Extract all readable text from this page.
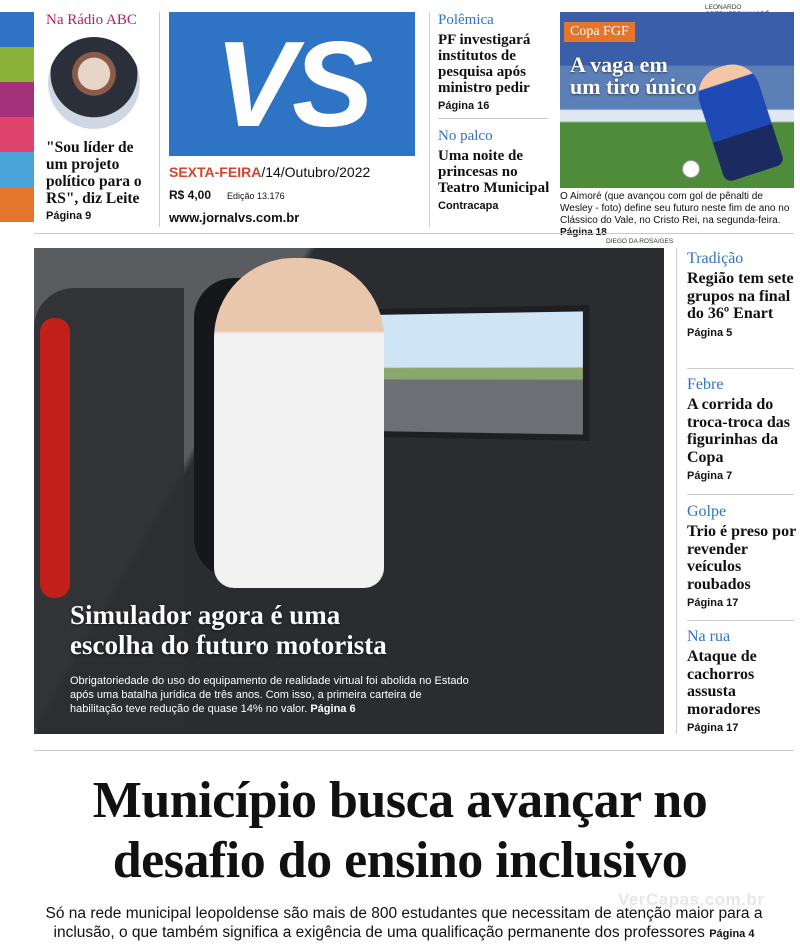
Na Rádio ABC
"Sou líder de um projeto político para o RS", diz Leite
Página 9
VS
SEXTA-FEIRA/14/Outubro/2022
R$ 4,00 Edição 13.176
www.jornalvs.com.br
Polêmica
PF investigará institutos de pesquisa após ministro pedir
Página 16
No palco
Uma noite de princesas no Teatro Municipal
Contracapa
LEONARDO
Copa FGF
A vaga em um tiro único
O Aimoré (que avançou com gol de pênalti de Wesley - foto) define seu futuro neste fim de ano no Clássico do Vale, no Cristo Rei, na segunda-feira.
DIEGO DA ROSA/GES
Simulador agora é uma
escolha do futuro motorista
Obrigatoriedade do uso do equipamento de realidade virtual foi abolida no Estado após uma batalha jurídica de três anos. Com isso, a primeira carteira de habilitação teve redução de quase 14% no valor. Página 6
Tradição
Região tem sete grupos na final do 36º Enart
Página 5
Febre
A corrida do troca-troca das figurinhas da Copa
Página 7
Golpe
Trio é preso por revender veículos roubados
Página 17
Na rua
Ataque de cachorros assusta moradores
Página 17
Município busca avançar no
desafio do ensino inclusivo
VerCapas.com.br
Só na rede municipal leopoldense são mais de 800 estudantes que necessitam de atenção maior para a inclusão, o que também significa a exigência de uma qualificação permanente dos professores Página 4
